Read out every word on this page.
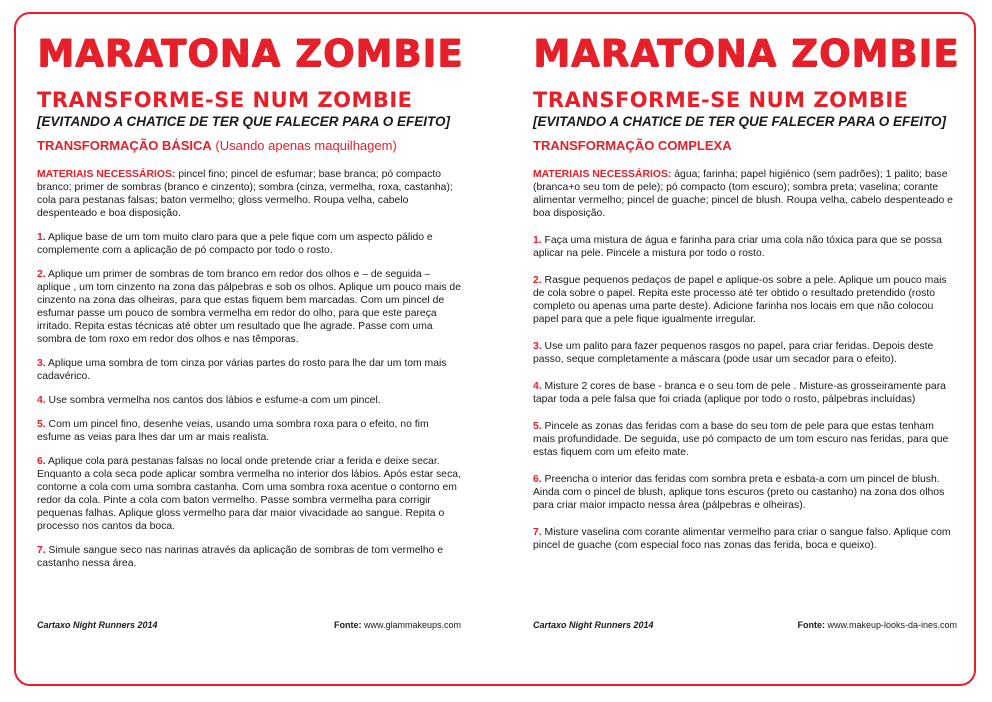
MARATONA ZOMBIE
TRANSFORME-SE NUM ZOMBIE
[EVITANDO A CHATICE DE TER QUE FALECER PARA O EFEITO]
TRANSFORMAÇÃO BÁSICA (Usando apenas maquilhagem)

MATERIAIS NECESSÁRIOS: pincel fino; pincel de esfumar; base branca; pó compacto branco; primer de sombras (branco e cinzento); sombra (cinza, vermelha, roxa, castanha); cola para pestanas falsas; baton vermelho; gloss vermelho. Roupa velha, cabelo despenteado e boa disposição.

1. Aplique base de um tom muito claro para que a pele fique com um aspecto pálido e complemente com a aplicação de pó compacto por todo o rosto.

2. Aplique um primer de sombras de tom branco em redor dos olhos e – de seguida – aplique , um tom cinzento na zona das pálpebras e sob os olhos. Aplique um pouco mais de cinzento na zona das olheiras, para que estas fiquem bem marcadas. Com um pincel de esfumar passe um pouco de sombra vermelha em redor do olho, para que este pareça irritado. Repita estas técnicas até obter um resultado que lhe agrade. Passe com uma sombra de tom roxo em redor dos olhos e nas têmporas.

3. Aplique uma sombra de tom cinza por várias partes do rosto para lhe dar um tom mais cadavérico.

4. Use sombra vermelha nos cantos dos lábios e esfume-a com um pincel.

5. Com um pincel fino, desenhe veias, usando uma sombra roxa para o efeito, no fim esfume as veias para lhes dar um ar mais realista.

6. Aplique cola para pestanas falsas no local onde pretende criar a ferida e deixe secar. Enquanto a cola seca pode aplicar sombra vermelha no interior dos lábios. Após estar seca, contorne a cola com uma sombra castanha. Com uma sombra roxa acentue o contorno em redor da cola. Pinte a cola com baton vermelho. Passe sombra vermelha para corrigir pequenas falhas. Aplique gloss vermelho para dar maior vivacidade ao sangue. Repita o processo nos cantos da boca.

7. Simule sangue seco nas narinas através da aplicação de sombras de tom vermelho e castanho nessa área.

Cartaxo Night Runners 2014	Fonte: www.glammakeups.com
MARATONA ZOMBIE
TRANSFORME-SE NUM ZOMBIE
[EVITANDO A CHATICE DE TER QUE FALECER PARA O EFEITO]
TRANSFORMAÇÃO COMPLEXA

MATERIAIS NECESSÁRIOS: água; farinha; papel higiénico (sem padrões); 1 palito; base (branca+o seu tom de pele); pó compacto (tom escuro); sombra preta; vaselina; corante alimentar vermelho; pincel de guache; pincel de blush. Roupa velha, cabelo despenteado e boa disposição.

1. Faça uma mistura de água e farinha para criar uma cola não tóxica para que se possa aplicar na pele. Pincele a mistura por todo o rosto.

2. Rasgue pequenos pedaços de papel e aplique-os sobre a pele. Aplique um pouco mais de cola sobre o papel. Repita este processo até ter obtido o resultado pretendido (rosto completo ou apenas uma parte deste). Adicione farinha nos locais em que não colocou papel para que a pele fique igualmente irregular.

3. Use um palito para fazer pequenos rasgos no papel, para criar feridas. Depois deste passo, seque completamente a máscara (pode usar um secador para o efeito).

4. Misture 2 cores de base - branca e o seu tom de pele . Misture-as grosseiramente para tapar toda a pele falsa que foi criada (aplique por todo o rosto, pálpebras incluídas)

5. Pincele as zonas das feridas com a base do seu tom de pele para que estas tenham mais profundidade. De seguida, use pó compacto de um tom escuro nas feridas, para que estas fiquem com um efeito mate.

6. Preencha o interior das feridas com sombra preta e esbata-a com um pincel de blush. Ainda com o pincel de blush, aplique tons escuros (preto ou castanho) na zona dos olhos para criar maior impacto nessa área (pálpebras e olheiras).

7. Misture vaselina com corante alimentar vermelho para criar o sangue falso. Aplique com pincel de guache (com especial foco nas zonas das ferida, boca e queixo).

Cartaxo Night Runners 2014	Fonte: www.makeup-looks-da-ines.com
